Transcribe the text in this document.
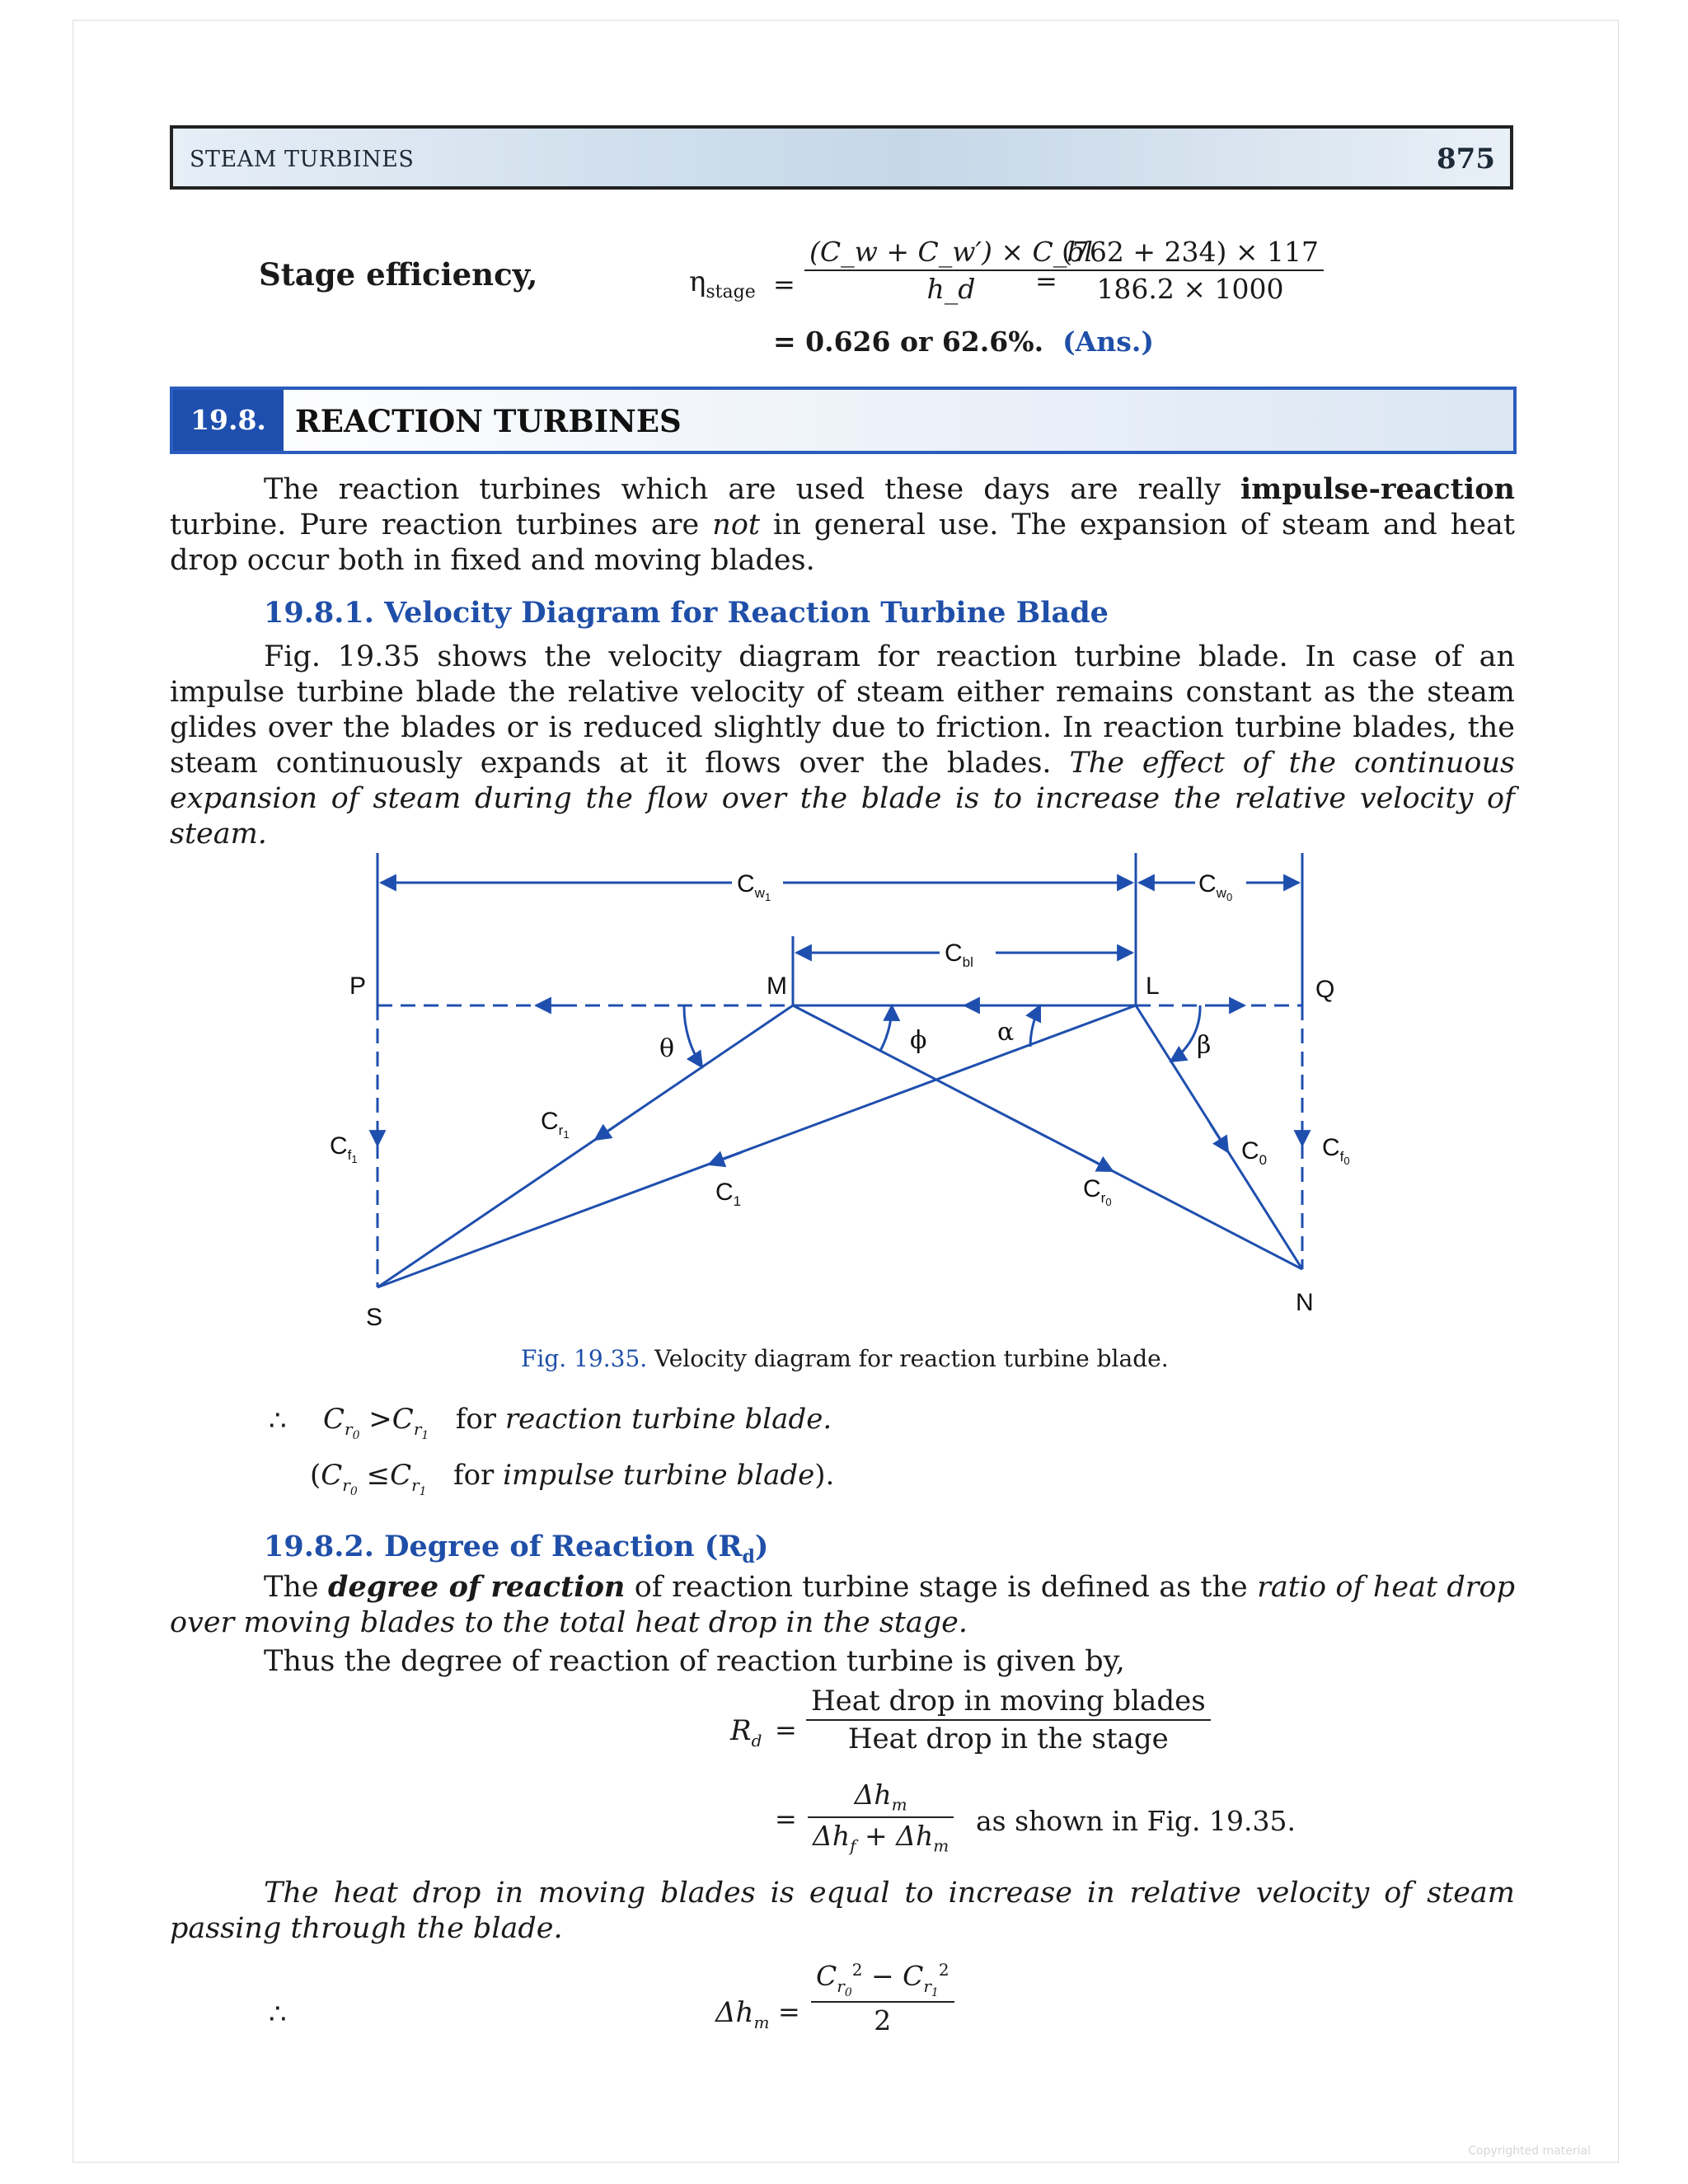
STEAM TURBINES	875
Stage efficiency,	$\eta_{stage} = \frac{(C\_w + C\_w') \times C\_bl}{h\_d}$
= $\frac{(762 + 234) \times 117}{186.2 \times 1000}$
= 0.626 or 62.6%. (Ans.)
19.8. REACTION TURBINES

The reaction turbines which are used these days are really impulse-reaction turbine. Pure reaction turbines are not in general use. The expansion of steam and heat drop occur both in fixed and moving blades.

19.8.1. Velocity Diagram for Reaction Turbine Blade

Fig. 19.35 shows the velocity diagram for reaction turbine blade. In case of an impulse turbine blade the relative velocity of steam either remains constant as the steam glides over the blades or is reduced slightly due to friction. In reaction turbine blades, the steam continuously expands at it flows over the blades. The effect of the continuous expansion of steam during the flow over the blade is to increase the relative velocity of steam.

P	M	L	Q
S
N
$C_w1$	$C_w0$
$C_{bl}$
$C_f1$	$C_f0$
$C_r1$
$C_1$	$C_r0$
$C_0$
θ	ϕ	α	β
Fig. 19.35. Velocity diagram for reaction turbine blade.
∴ $C_{r_0} >C_{r_1}$ for reaction turbine blade.
($C_{r_0} \le C_{r_1}$ for impulse turbine blade).
19.8.2. Degree of Reaction $(R_d)$

The degree of reaction of reaction turbine stage is defined as the ratio of heat drop over moving blades to the total heat drop in the stage.

Thus the degree of reaction of reaction turbine is given by,

$R_d = \frac{\text{Heat drop in moving blades}}{\text{Heat drop in the stage}}$
= $\frac{\Delta h_m}{\Delta h_f + \Delta h_m}$ as shown in Fig. 19.35.

The heat drop in moving blades is equal to increase in relative velocity of steam passing through the blade.

∴	$\Delta h_m = \frac{C_{r_0}^2 - C_{r_1}^2}{2}$
Copyrighted material
